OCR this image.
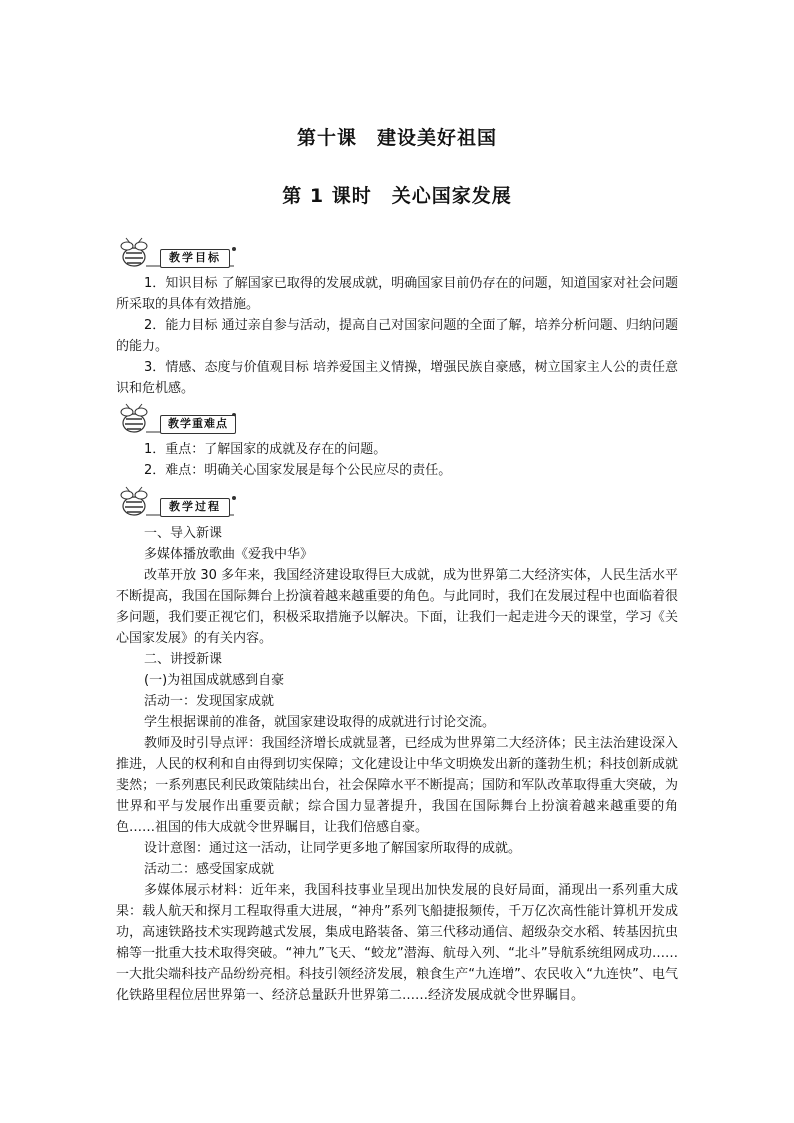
第十课　建设美好祖国
第 1 课时　关心国家发展
教学目标
1．知识目标 了解国家已取得的发展成就，明确国家目前仍存在的问题，知道国家对社会问题所采取的具体有效措施。
2．能力目标 通过亲自参与活动，提高自己对国家问题的全面了解，培养分析问题、归纳问题的能力。
3．情感、态度与价值观目标 培养爱国主义情操，增强民族自豪感，树立国家主人公的责任意识和危机感。
教学重难点
1．重点：了解国家的成就及存在的问题。
2．难点：明确关心国家发展是每个公民应尽的责任。
教学过程
一、导入新课
多媒体播放歌曲《爱我中华》
改革开放 30 多年来，我国经济建设取得巨大成就，成为世界第二大经济实体，人民生活水平不断提高，我国在国际舞台上扮演着越来越重要的角色。与此同时，我们在发展过程中也面临着很多问题，我们要正视它们，积极采取措施予以解决。下面，让我们一起走进今天的课堂，学习《关心国家发展》的有关内容。
二、讲授新课
(一)为祖国成就感到自豪
活动一：发现国家成就
学生根据课前的准备，就国家建设取得的成就进行讨论交流。
教师及时引导点评：我国经济增长成就显著，已经成为世界第二大经济体；民主法治建设深入推进，人民的权利和自由得到切实保障；文化建设让中华文明焕发出新的蓬勃生机；科技创新成就斐然；一系列惠民利民政策陆续出台，社会保障水平不断提高；国防和军队改革取得重大突破，为世界和平与发展作出重要贡献；综合国力显著提升，我国在国际舞台上扮演着越来越重要的角色……祖国的伟大成就令世界瞩目，让我们倍感自豪。
设计意图：通过这一活动，让同学更多地了解国家所取得的成就。
活动二：感受国家成就
多媒体展示材料：近年来，我国科技事业呈现出加快发展的良好局面，涌现出一系列重大成果：载人航天和探月工程取得重大进展，“神舟”系列飞船捷报频传，千万亿次高性能计算机开发成功，高速铁路技术实现跨越式发展，集成电路装备、第三代移动通信、超级杂交水稻、转基因抗虫棉等一批重大技术取得突破。“神九”飞天、“蛟龙”潜海、航母入列、“北斗”导航系统组网成功……一大批尖端科技产品纷纷亮相。科技引领经济发展，粮食生产“九连增”、农民收入“九连快”、电气化铁路里程位居世界第一、经济总量跃升世界第二……经济发展成就令世界瞩目。
